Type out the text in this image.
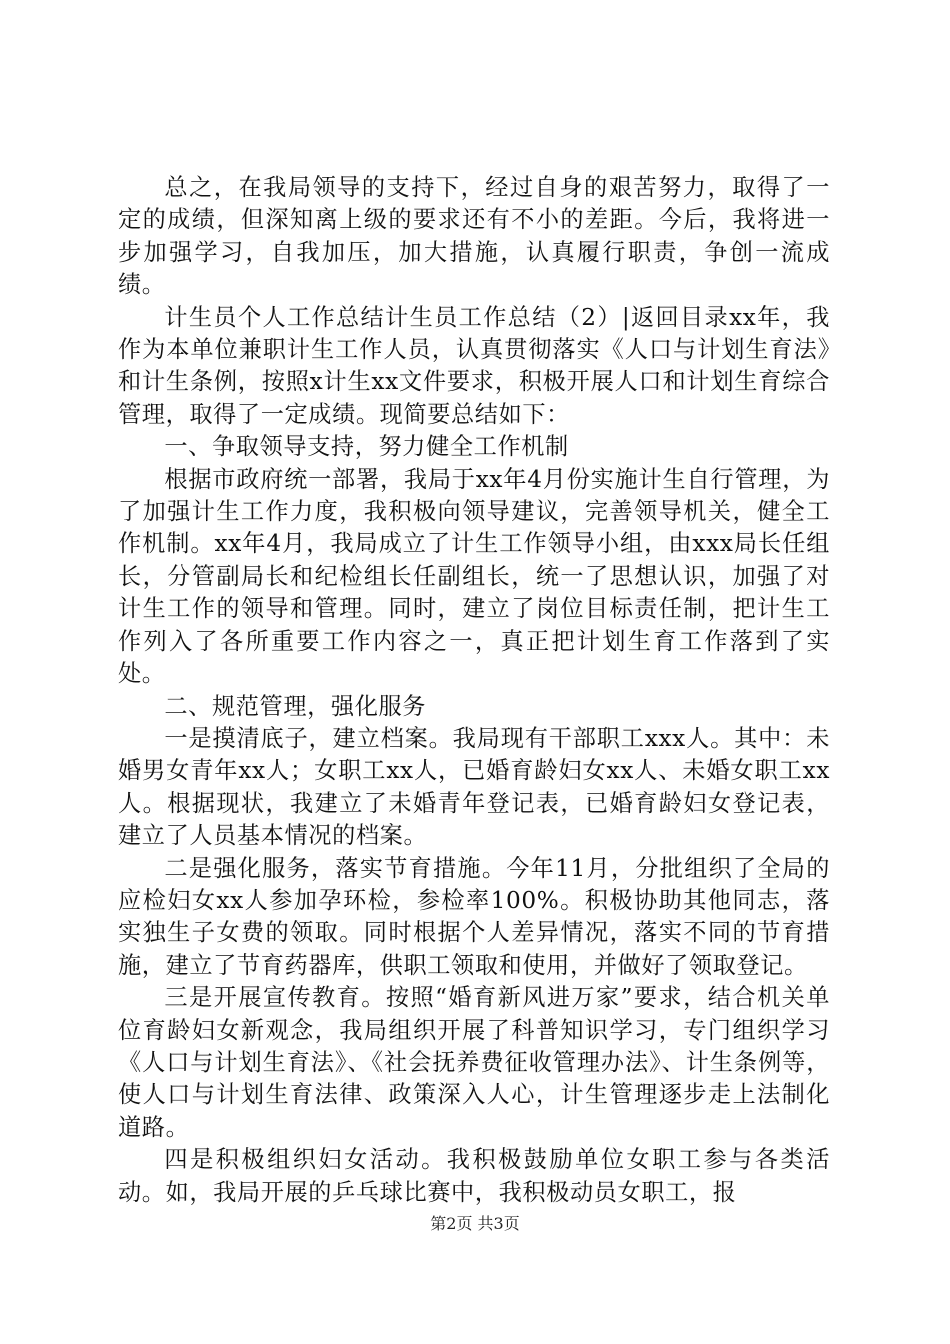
总之，在我局领导的支持下，经过自身的艰苦努力，取得了一定的成绩，但深知离上级的要求还有不小的差距。今后，我将进一步加强学习，自我加压，加大措施，认真履行职责，争创一流成绩。

计生员个人工作总结计生员工作总结（2）|返回目录xx年，我作为本单位兼职计生工作人员，认真贯彻落实《人口与计划生育法》和计生条例，按照x计生xx文件要求，积极开展人口和计划生育综合管理，取得了一定成绩。现简要总结如下：

一、争取领导支持，努力健全工作机制

根据市政府统一部署，我局于xx年4月份实施计生自行管理，为了加强计生工作力度，我积极向领导建议，完善领导机关，健全工作机制。xx年4月，我局成立了计生工作领导小组，由xxx局长任组长，分管副局长和纪检组长任副组长，统一了思想认识，加强了对计生工作的领导和管理。同时，建立了岗位目标责任制，把计生工作列入了各所重要工作内容之一，真正把计划生育工作落到了实处。

二、规范管理，强化服务

一是摸清底子，建立档案。我局现有干部职工xxx人。其中：未婚男女青年xx人；女职工xx人，已婚育龄妇女xx人、未婚女职工xx人。根据现状，我建立了未婚青年登记表，已婚育龄妇女登记表，建立了人员基本情况的档案。

二是强化服务，落实节育措施。今年11月，分批组织了全局的应检妇女xx人参加孕环检，参检率100%。积极协助其他同志，落实独生子女费的领取。同时根据个人差异情况，落实不同的节育措施，建立了节育药器库，供职工领取和使用，并做好了领取登记。

三是开展宣传教育。按照“婚育新风进万家”要求，结合机关单位育龄妇女新观念，我局组织开展了科普知识学习，专门组织学习《人口与计划生育法》、《社会抚养费征收管理办法》、计生条例等，使人口与计划生育法律、政策深入人心，计生管理逐步走上法制化道路。

四是积极组织妇女活动。我积极鼓励单位女职工参与各类活动。如，我局开展的乒乓球比赛中，我积极动员女职工，报

第2页 共3页
